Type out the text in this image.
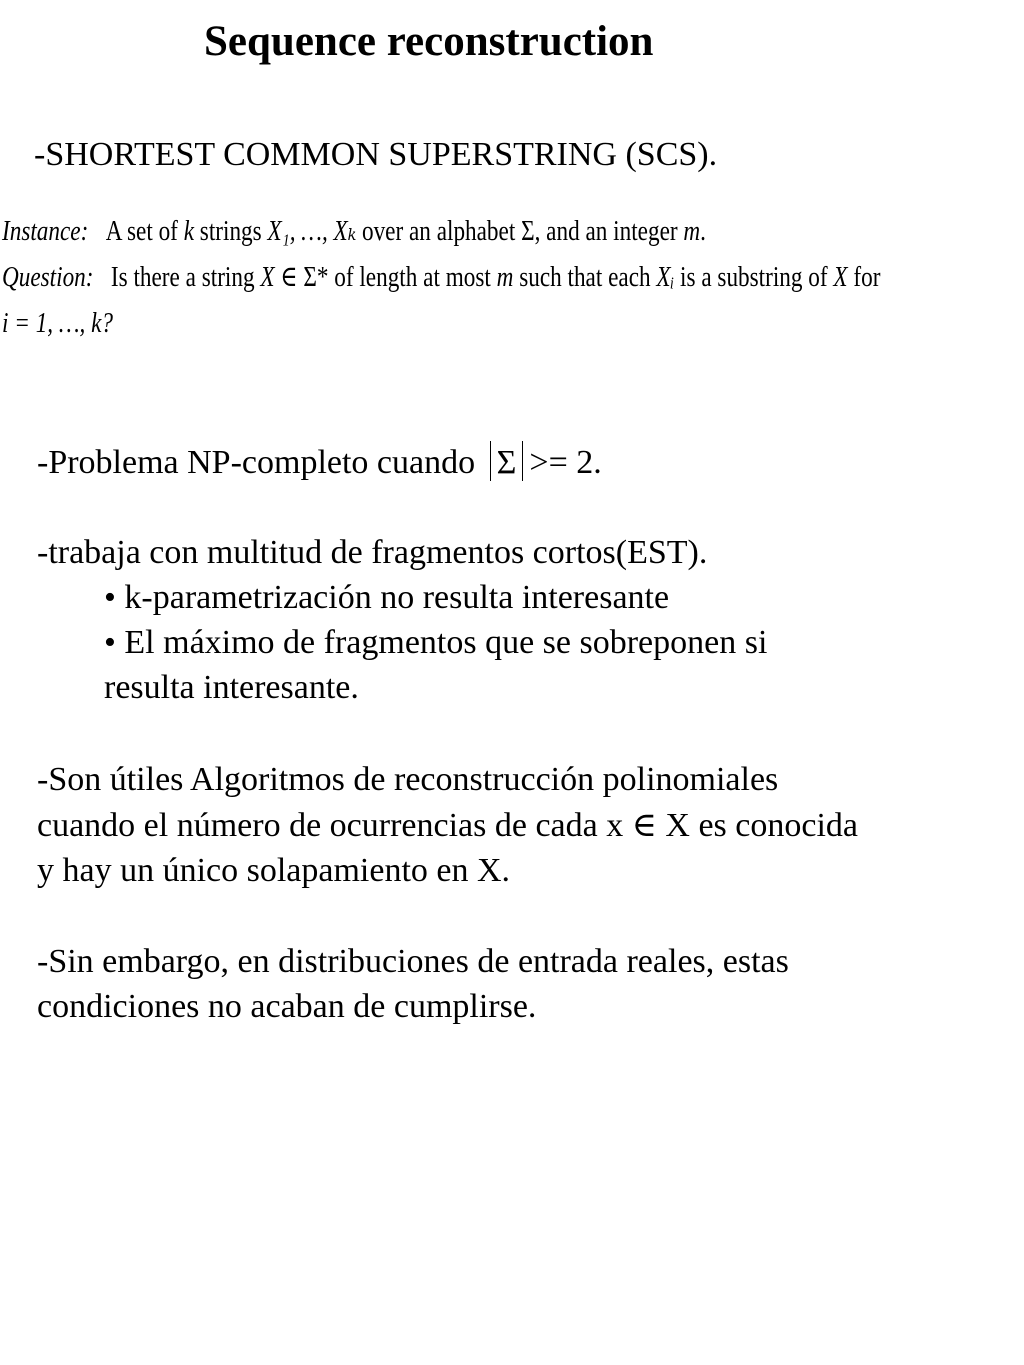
Sequence reconstruction
-SHORTEST COMMON SUPERSTRING (SCS).
Instance: A set of k strings X₁, …, Xₖ over an alphabet Σ, and an integer m.
Question: Is there a string X ∈ Σ* of length at most m such that each Xᵢ is a substring of X for
i = 1, …, k?
-Problema NP-completo cuando Σ >= 2.
-trabaja con multitud de fragmentos cortos(EST).
• k-parametrización no resulta interesante
• El máximo de fragmentos que se sobreponen si
resulta interesante.
-Son útiles Algoritmos de reconstrucción polinomiales
cuando el número de ocurrencias de cada x ∈ X es conocida
y hay un único solapamiento en X.
-Sin embargo, en distribuciones de entrada reales, estas
condiciones no acaban de cumplirse.
